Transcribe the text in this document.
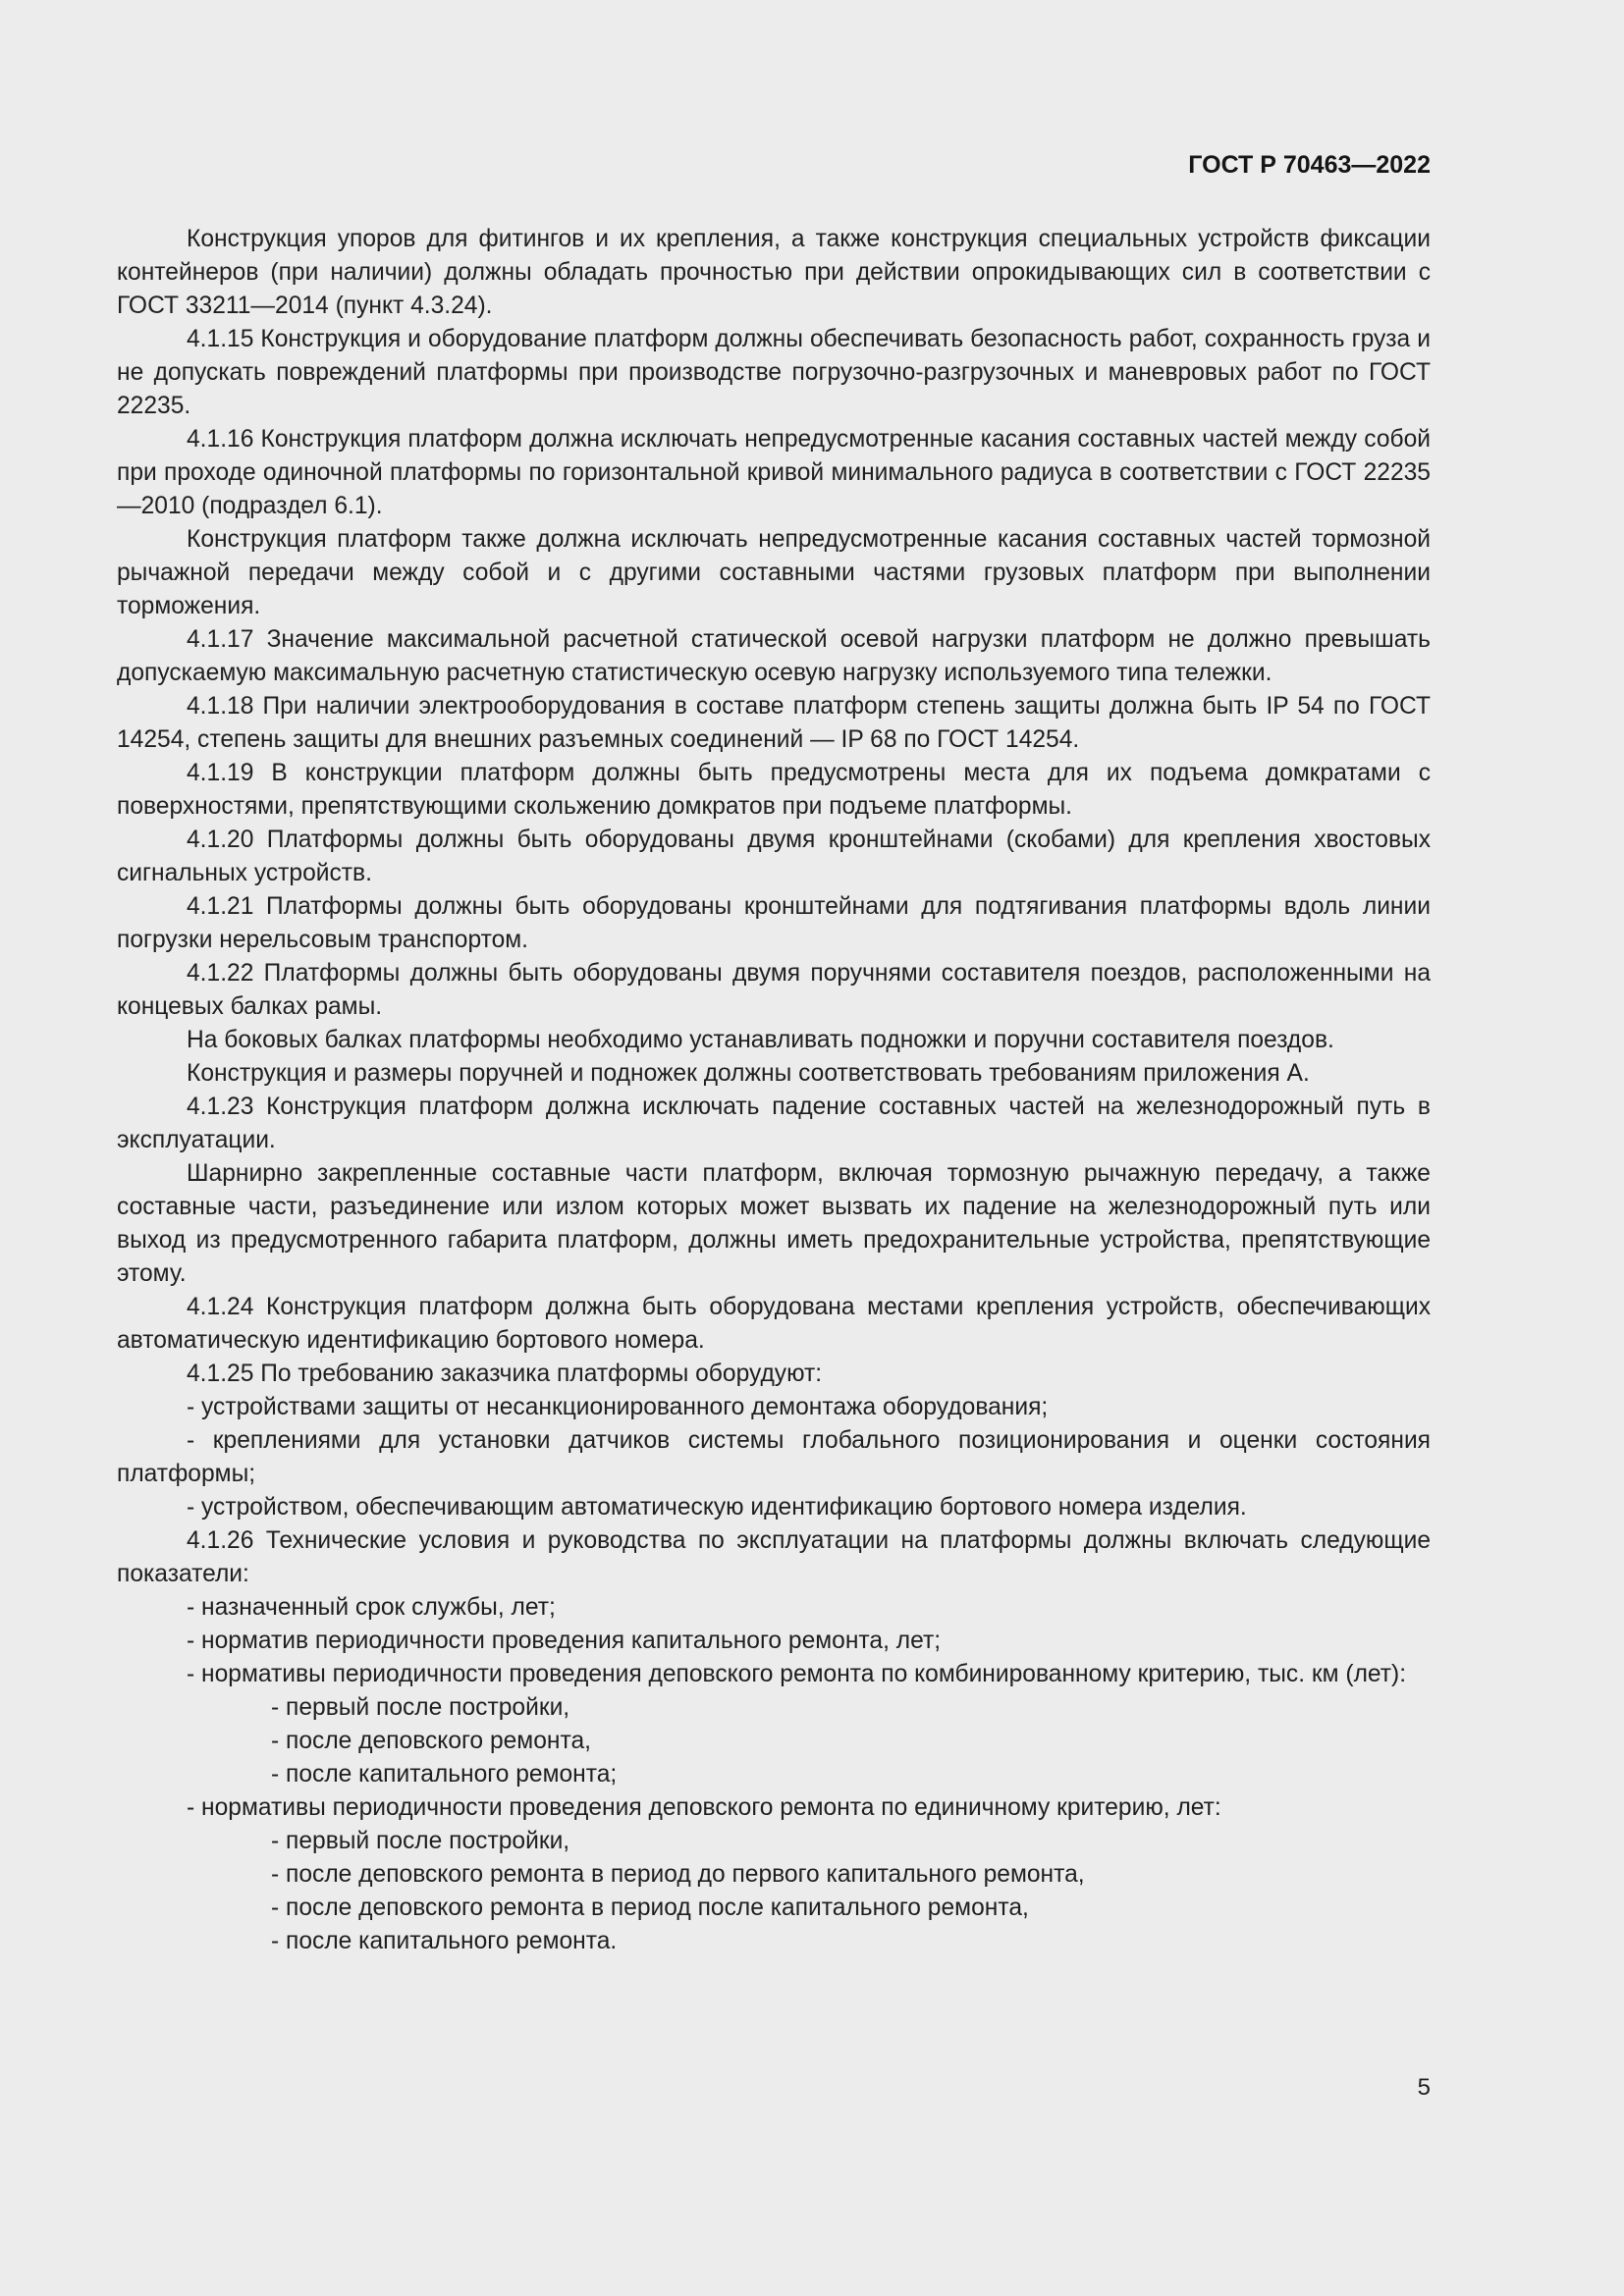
ГОСТ Р 70463—2022

Конструкция упоров для фитингов и их крепления, а также конструкция специальных устройств фиксации контейнеров (при наличии) должны обладать прочностью при действии опрокидывающих сил в соответствии с ГОСТ 33211—2014 (пункт 4.3.24).

4.1.15 Конструкция и оборудование платформ должны обеспечивать безопасность работ, сохранность груза и не допускать повреждений платформы при производстве погрузочно-разгрузочных и маневровых работ по ГОСТ 22235.

4.1.16 Конструкция платформ должна исключать непредусмотренные касания составных частей между собой при проходе одиночной платформы по горизонтальной кривой минимального радиуса в соответствии с ГОСТ 22235—2010 (подраздел 6.1).

Конструкция платформ также должна исключать непредусмотренные касания составных частей тормозной рычажной передачи между собой и с другими составными частями грузовых платформ при выполнении торможения.

4.1.17 Значение максимальной расчетной статической осевой нагрузки платформ не должно превышать допускаемую максимальную расчетную статистическую осевую нагрузку используемого типа тележки.

4.1.18 При наличии электрооборудования в составе платформ степень защиты должна быть IP 54 по ГОСТ 14254, степень защиты для внешних разъемных соединений — IP 68 по ГОСТ 14254.

4.1.19 В конструкции платформ должны быть предусмотрены места для их подъема домкратами с поверхностями, препятствующими скольжению домкратов при подъеме платформы.

4.1.20 Платформы должны быть оборудованы двумя кронштейнами (скобами) для крепления хвостовых сигнальных устройств.

4.1.21 Платформы должны быть оборудованы кронштейнами для подтягивания платформы вдоль линии погрузки нерельсовым транспортом.

4.1.22 Платформы должны быть оборудованы двумя поручнями составителя поездов, расположенными на концевых балках рамы.

На боковых балках платформы необходимо устанавливать подножки и поручни составителя поездов.

Конструкция и размеры поручней и подножек должны соответствовать требованиям приложения А.

4.1.23 Конструкция платформ должна исключать падение составных частей на железнодорожный путь в эксплуатации.

Шарнирно закрепленные составные части платформ, включая тормозную рычажную передачу, а также составные части, разъединение или излом которых может вызвать их падение на железнодорожный путь или выход из предусмотренного габарита платформ, должны иметь предохранительные устройства, препятствующие этому.

4.1.24 Конструкция платформ должна быть оборудована местами крепления устройств, обеспечивающих автоматическую идентификацию бортового номера.

4.1.25 По требованию заказчика платформы оборудуют:

- устройствами защиты от несанкционированного демонтажа оборудования;

- креплениями для установки датчиков системы глобального позиционирования и оценки состояния платформы;

- устройством, обеспечивающим автоматическую идентификацию бортового номера изделия.

4.1.26 Технические условия и руководства по эксплуатации на платформы должны включать следующие показатели:

- назначенный срок службы, лет;

- норматив периодичности проведения капитального ремонта, лет;

- нормативы периодичности проведения деповского ремонта по комбинированному критерию, тыс. км (лет):

- первый после постройки,

- после деповского ремонта,

- после капитального ремонта;

- нормативы периодичности проведения деповского ремонта по единичному критерию, лет:

- первый после постройки,

- после деповского ремонта в период до первого капитального ремонта,

- после деповского ремонта в период после капитального ремонта,

- после капитального ремонта.

5
